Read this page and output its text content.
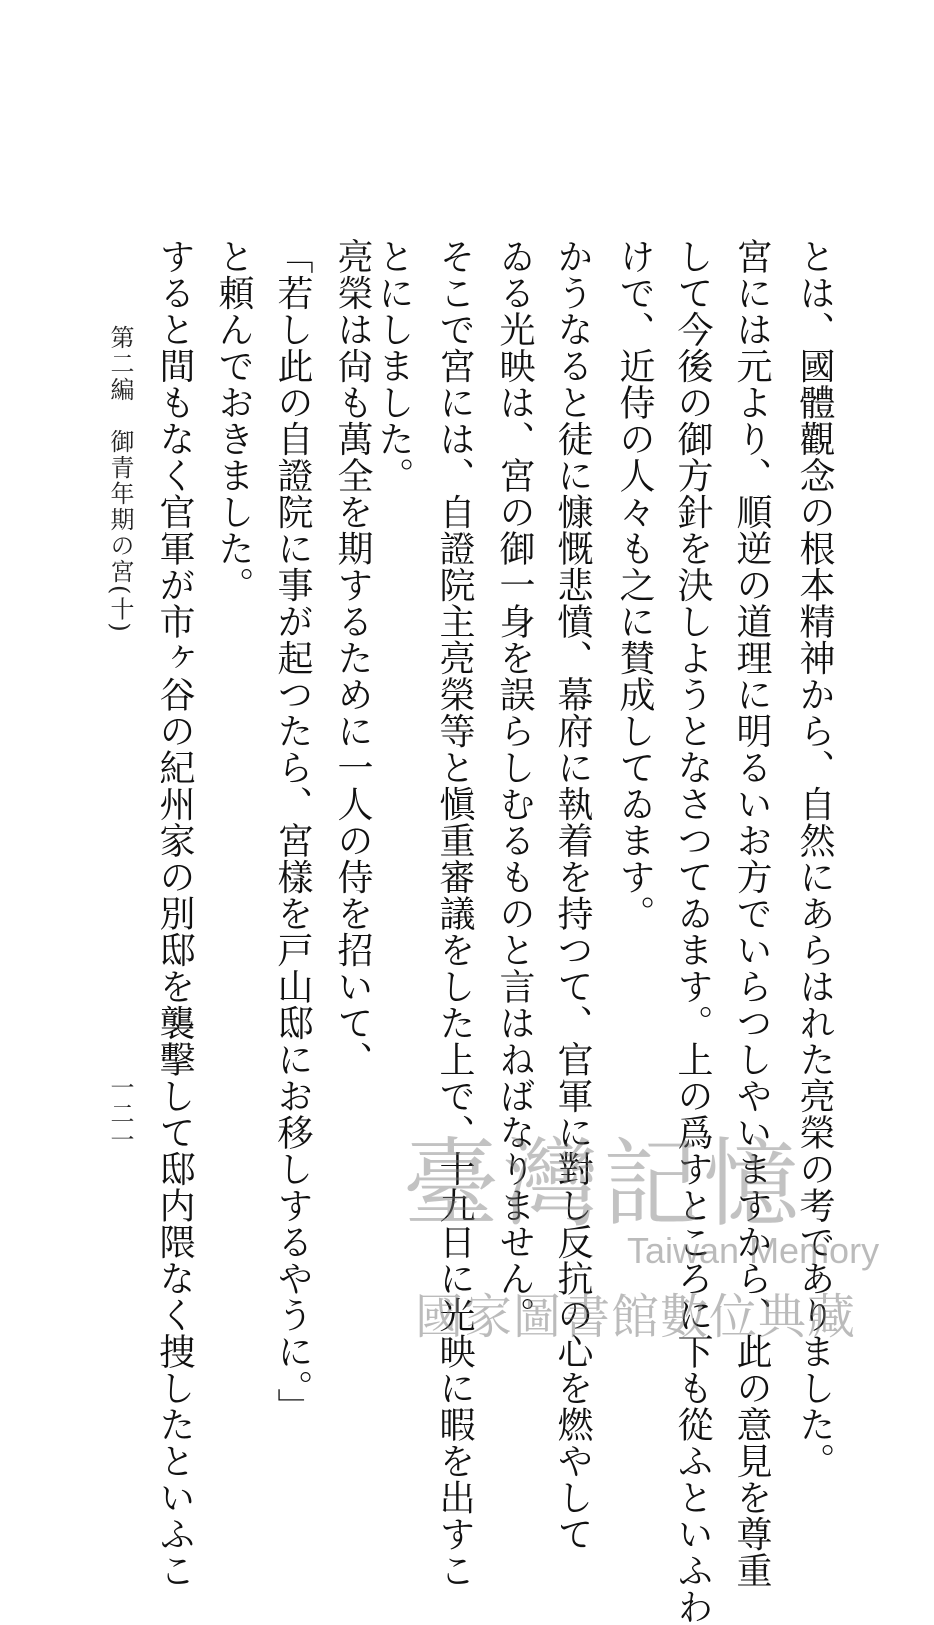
とは、國體觀念の根本精神から、自然にあらはれた亮榮の考でありました。
宮には元より、順逆の道理に明るいお方でいらつしやいますから、此の意見を尊重
して今後の御方針を決しようとなさつてゐます。上の爲すところに下も從ふといふわ
けで、近侍の人々も之に賛成してゐます。
かうなると徒に慷慨悲憤、幕府に執着を持つて、官軍に對し反抗の心を燃やして
ゐる光映は、宮の御一身を誤らしむるものと言はねばなりません。
そこで宮には、自證院主亮榮等と愼重審議をした上で、十九日に光映に暇を出すこ
とにしました。
亮榮は尙も萬全を期するために一人の侍を招いて、
「若し此の自證院に事が起つたら、宮樣を戸山邸にお移しするやうに。」
と頼んでおきました。
すると間もなく官軍が市ヶ谷の紀州家の別邸を襲擊して邸内隈なく捜したといふこ
第二編　御青年期の宮(十)
一二一
臺灣記憶
Taiwan Memory
國家圖書館數位典藏
